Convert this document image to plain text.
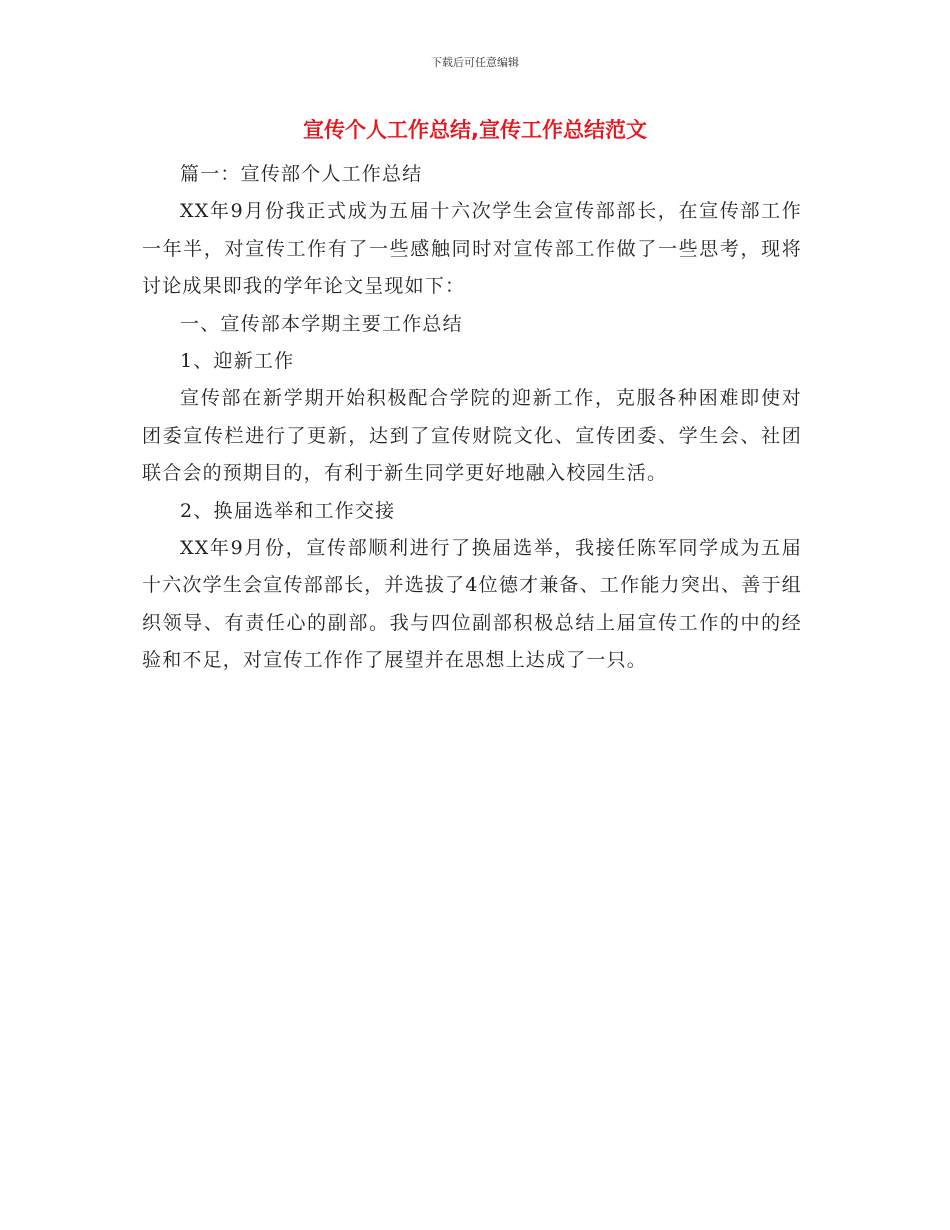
下载后可任意编辑
宣传个人工作总结,宣传工作总结范文

篇一：宣传部个人工作总结

XX年9月份我正式成为五届十六次学生会宣传部部长，在宣传部工作一年半，对宣传工作有了一些感触同时对宣传部工作做了一些思考，现将讨论成果即我的学年论文呈现如下：

一、宣传部本学期主要工作总结

1、迎新工作

宣传部在新学期开始积极配合学院的迎新工作，克服各种困难即使对团委宣传栏进行了更新，达到了宣传财院文化、宣传团委、学生会、社团联合会的预期目的，有利于新生同学更好地融入校园生活。

2、换届选举和工作交接

XX年9月份，宣传部顺利进行了换届选举，我接任陈军同学成为五届十六次学生会宣传部部长，并选拔了4位德才兼备、工作能力突出、善于组织领导、有责任心的副部。我与四位副部积极总结上届宣传工作的中的经验和不足，对宣传工作作了展望并在思想上达成了一只。
